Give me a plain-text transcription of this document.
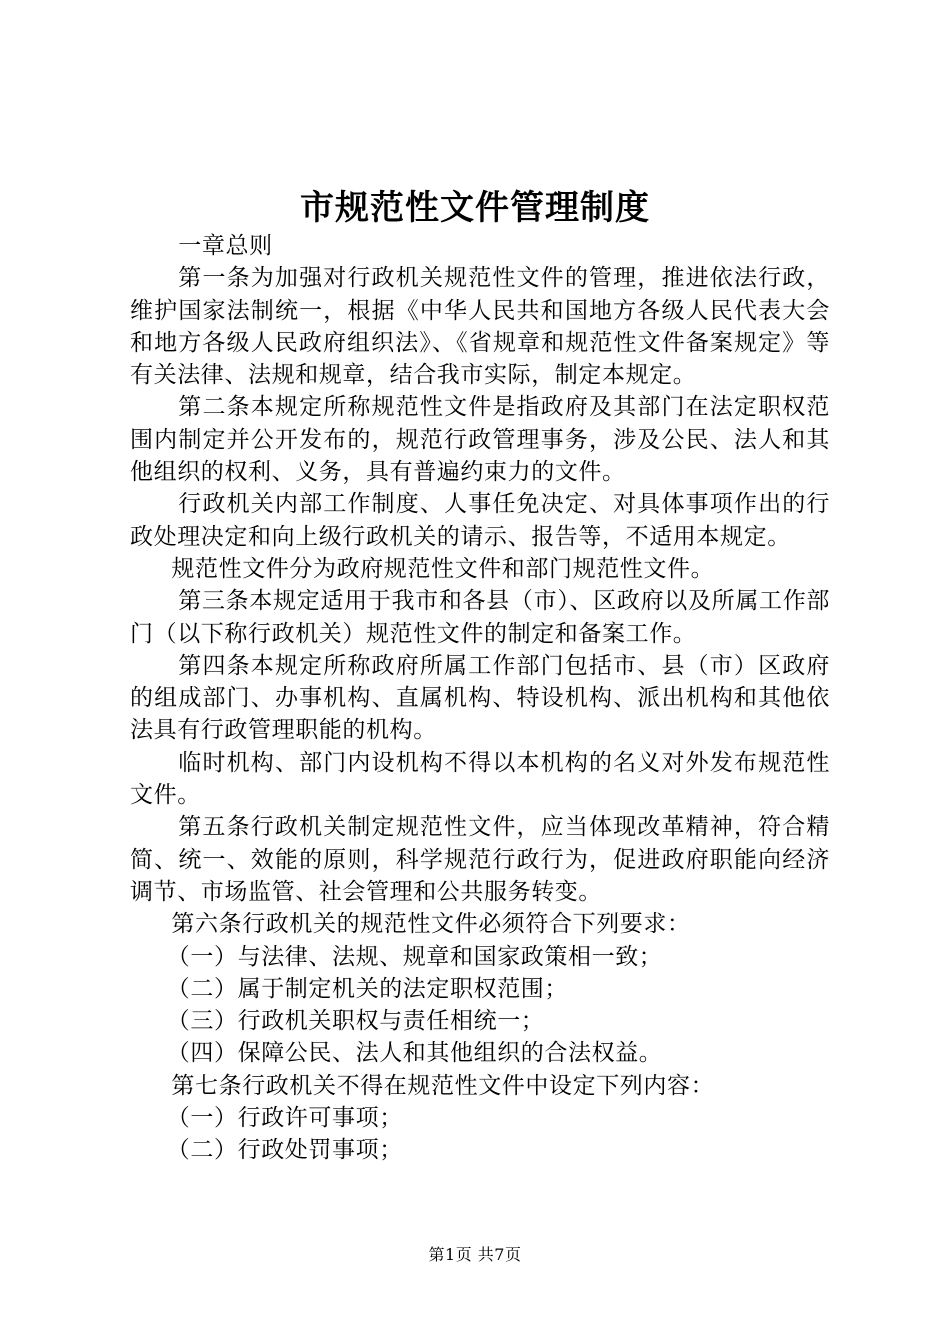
市规范性文件管理制度

一章总则

第一条为加强对行政机关规范性文件的管理，推进依法行政，维护国家法制统一，根据《中华人民共和国地方各级人民代表大会和地方各级人民政府组织法》、《省规章和规范性文件备案规定》等有关法律、法规和规章，结合我市实际，制定本规定。

第二条本规定所称规范性文件是指政府及其部门在法定职权范围内制定并公开发布的，规范行政管理事务，涉及公民、法人和其他组织的权利、义务，具有普遍约束力的文件。

行政机关内部工作制度、人事任免决定、对具体事项作出的行政处理决定和向上级行政机关的请示、报告等，不适用本规定。

规范性文件分为政府规范性文件和部门规范性文件。

第三条本规定适用于我市和各县（市）、区政府以及所属工作部门（以下称行政机关）规范性文件的制定和备案工作。

第四条本规定所称政府所属工作部门包括市、县（市）区政府的组成部门、办事机构、直属机构、特设机构、派出机构和其他依法具有行政管理职能的机构。

临时机构、部门内设机构不得以本机构的名义对外发布规范性文件。

第五条行政机关制定规范性文件，应当体现改革精神，符合精简、统一、效能的原则，科学规范行政行为，促进政府职能向经济调节、市场监管、社会管理和公共服务转变。

第六条行政机关的规范性文件必须符合下列要求：

（一）与法律、法规、规章和国家政策相一致；

（二）属于制定机关的法定职权范围；

（三）行政机关职权与责任相统一；

（四）保障公民、法人和其他组织的合法权益。

第七条行政机关不得在规范性文件中设定下列内容：

（一）行政许可事项；

（二）行政处罚事项；

第1页 共7页
